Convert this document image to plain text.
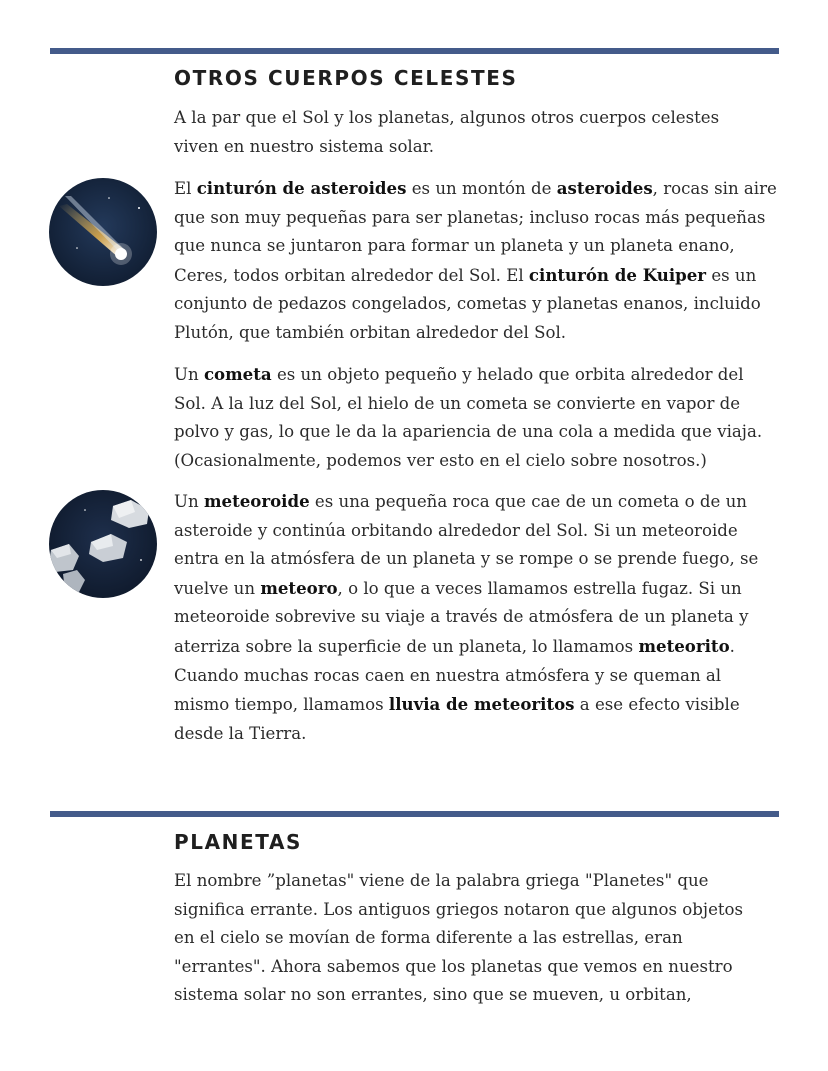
OTROS CUERPOS CELESTES

A la par que el Sol y los planetas, algunos otros cuerpos celestes viven en nuestro sistema solar.

El cinturón de asteroides es un montón de asteroides, rocas sin aire que son muy pequeñas para ser planetas; incluso rocas más pequeñas que nunca se juntaron para formar un planeta y un planeta enano, Ceres, todos orbitan alrededor del Sol. El cinturón de Kuiper es un conjunto de pedazos congelados, cometas y planetas enanos, incluido Plutón, que también orbitan alrededor del Sol.

Un cometa es un objeto pequeño y helado que orbita alrededor del Sol. A la luz del Sol, el hielo de un cometa se convierte en vapor de polvo y gas, lo que le da la apariencia de una cola a medida que viaja. (Ocasionalmente, podemos ver esto en el cielo sobre nosotros.)

Un meteoroide es una pequeña roca que cae de un cometa o de un asteroide y continúa orbitando alrededor del Sol. Si un meteoroide entra en la atmósfera de un planeta y se rompe o se prende fuego, se vuelve un meteoro, o lo que a veces llamamos estrella fugaz. Si un meteoroide sobrevive su viaje a través de atmósfera de un planeta y aterriza sobre la superficie de un planeta, lo llamamos meteorito. Cuando muchas rocas caen en nuestra atmósfera y se queman al mismo tiempo, llamamos lluvia de meteoritos a ese efecto visible desde la Tierra.

PLANETAS

El nombre ”planetas" viene de la palabra griega "Planetes" que significa errante. Los antiguos griegos notaron que algunos objetos en el cielo se movían de forma diferente a las estrellas, eran "errantes". Ahora sabemos que los planetas que vemos en nuestro sistema solar no son errantes, sino que se mueven, u orbitan,
